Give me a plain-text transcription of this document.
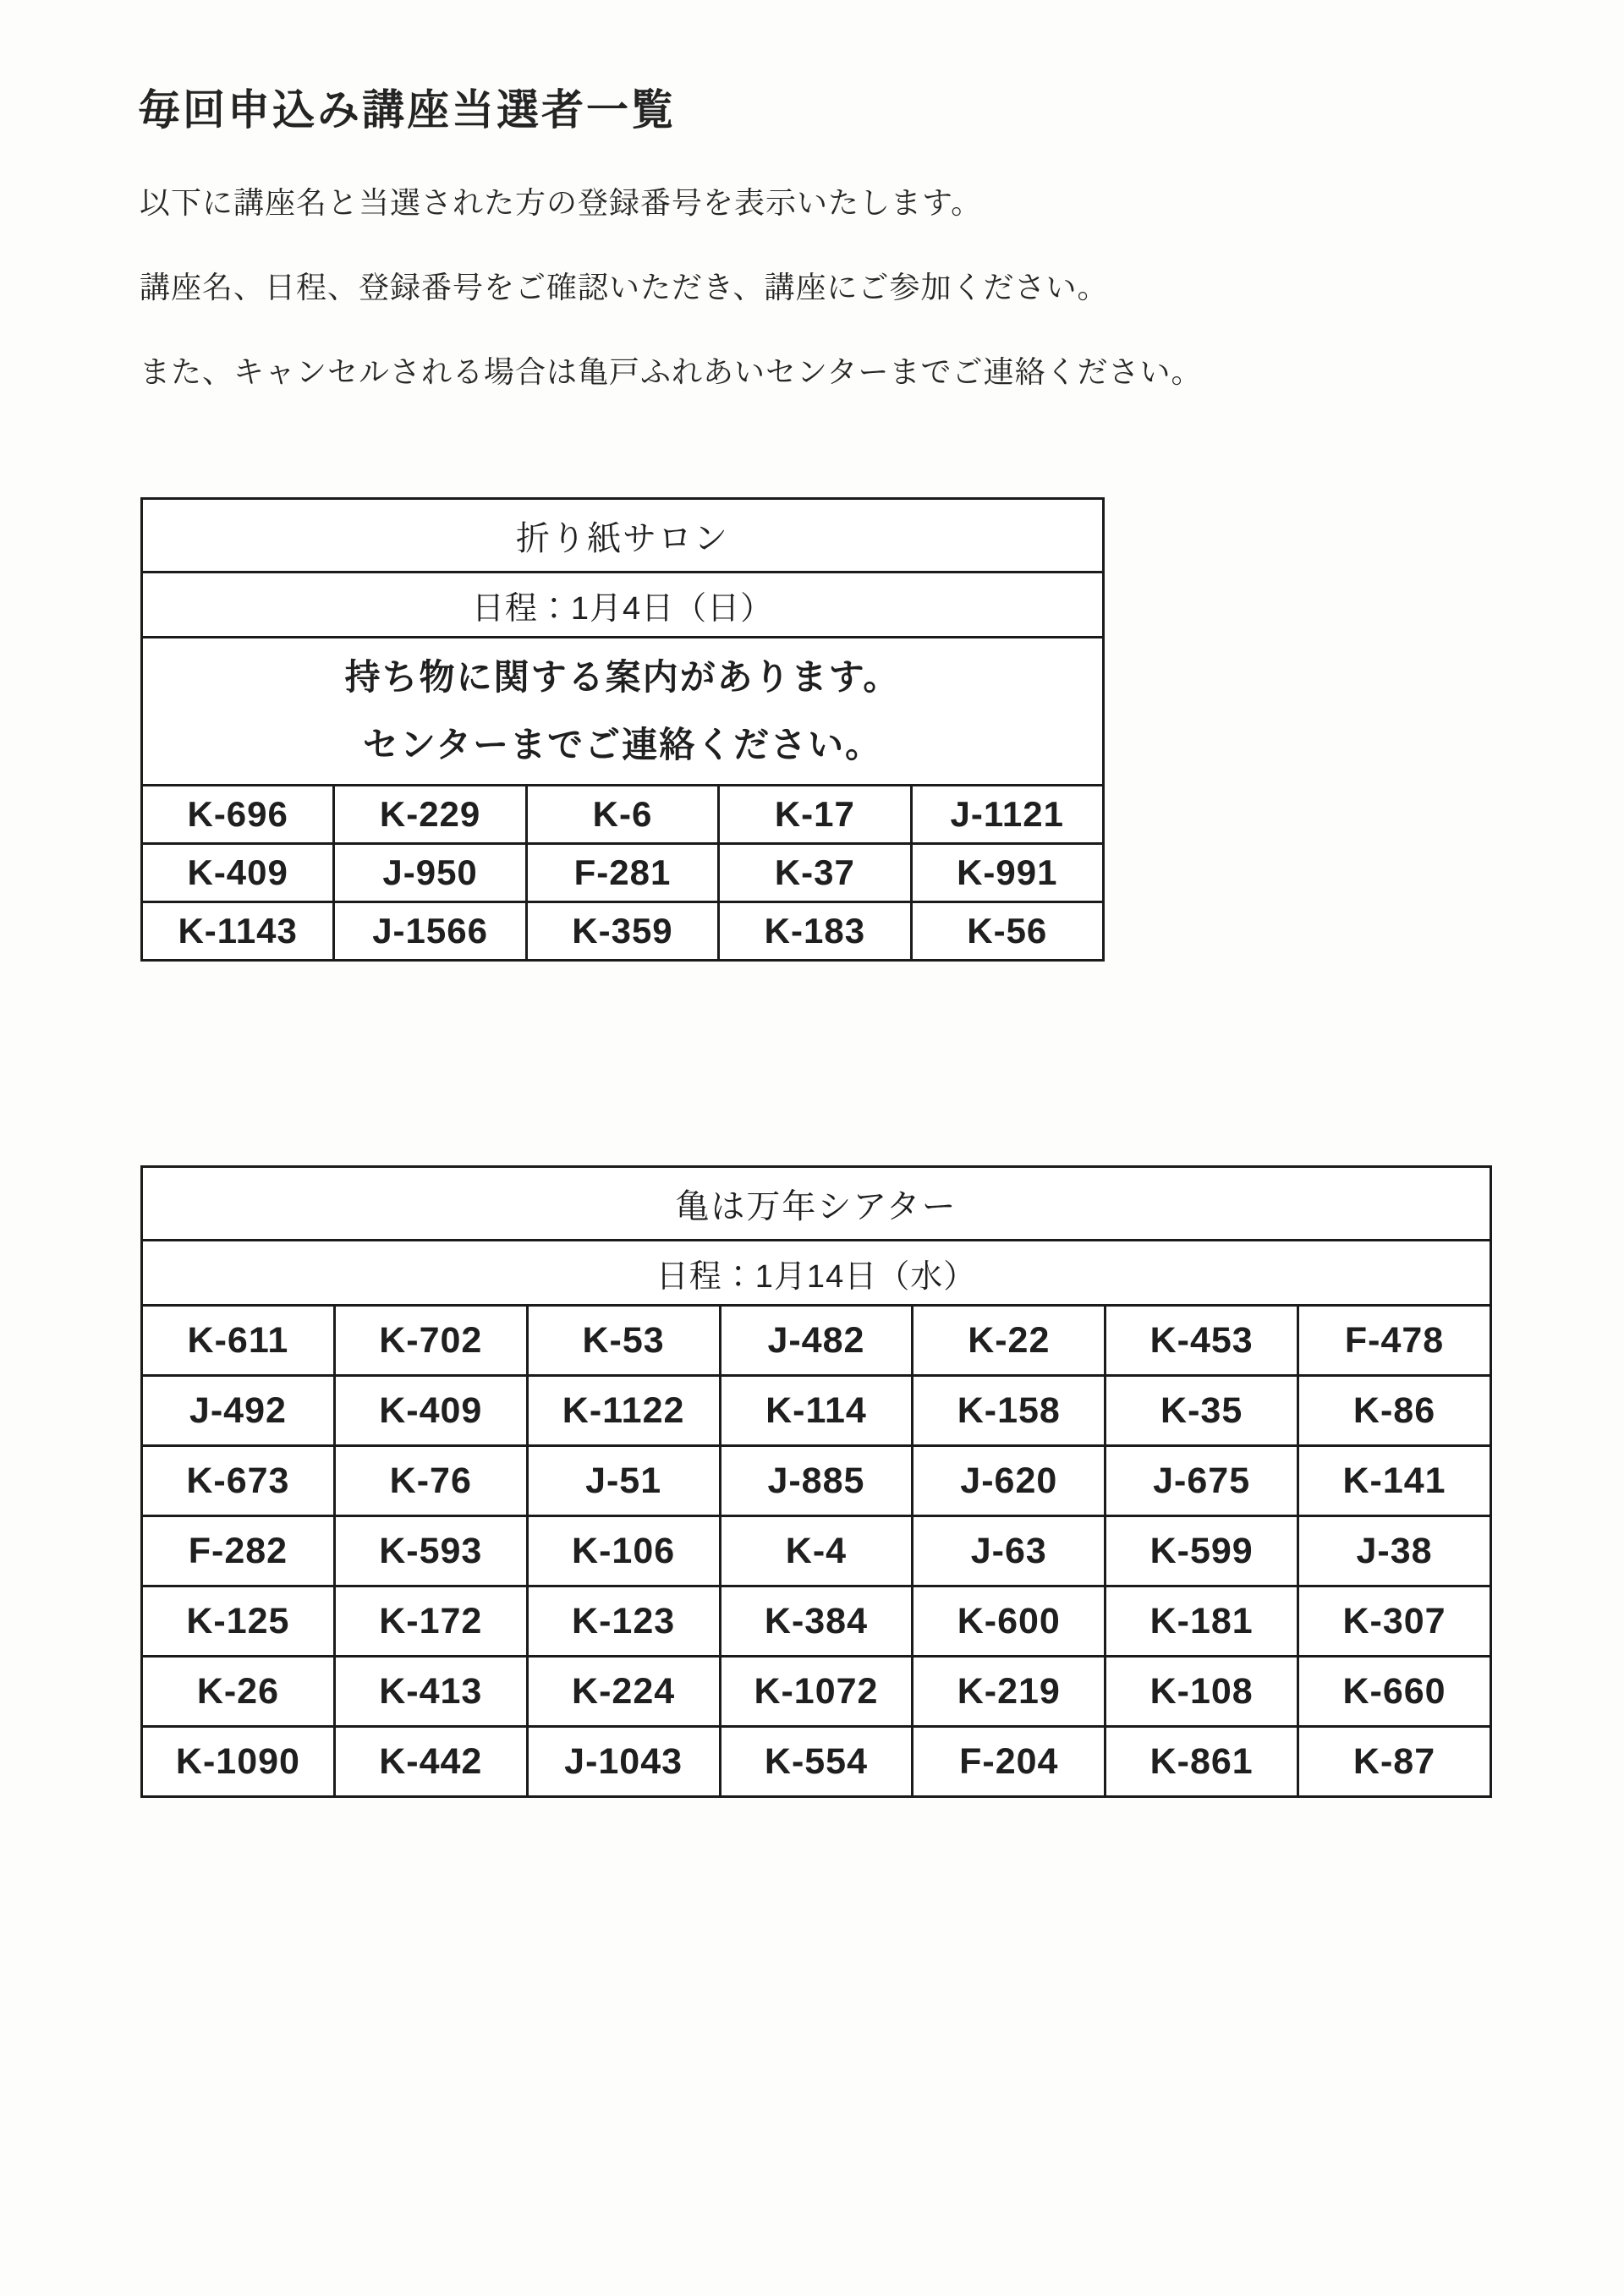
毎回申込み講座当選者一覧

以下に講座名と当選された方の登録番号を表示いたします。

講座名、日程、登録番号をご確認いただき、講座にご参加ください。

また、キャンセルされる場合は亀戸ふれあいセンターまでご連絡ください。

折り紙サロン				
日程：1月4日（日）				

持ち物に関する案内があります。
センターまでご連絡ください。				

K-696	K-229	K-6	K-17	J-1121
K-409	J-950	F-281	K-37	K-991
K-1143	J-1566	K-359	K-183	K-56
亀は万年シアター						
日程：1月14日（水）						
K-611	K-702	K-53	J-482	K-22	K-453	F-478
J-492	K-409	K-1122	K-114	K-158	K-35	K-86
K-673	K-76	J-51	J-885	J-620	J-675	K-141
F-282	K-593	K-106	K-4	J-63	K-599	J-38
K-125	K-172	K-123	K-384	K-600	K-181	K-307
K-26	K-413	K-224	K-1072	K-219	K-108	K-660
K-1090	K-442	J-1043	K-554	F-204	K-861	K-87
